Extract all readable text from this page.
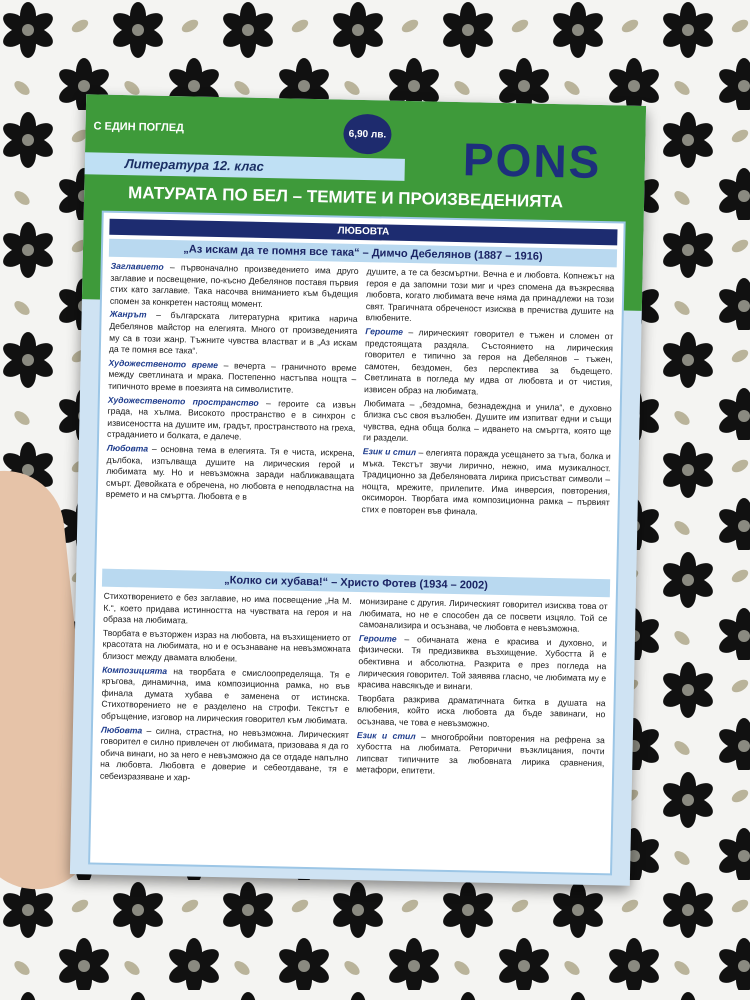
С ЕДИН ПОГЛЕД	6,90 лв. PONS
Литература 12. клас
МАТУРАТА ПО БЕЛ – ТЕМИТЕ И ПРОИЗВЕДЕНИЯТА
ЛЮБОВТА
„Аз искам да те помня все така“ – Димчо Дебелянов (1887 – 1916)

Заглавието – първоначално произведението има друго заглавие и посвещение, по-късно Дебелянов поставя първия стих като заглавие. Така насочва вниманието към бъдещия спомен за конкретен настоящ момент.

Жанрът – българската литературна критика нарича Дебелянов майстор на елегията. Много от произведенията му са в този жанр. Тъжните чувства властват и в „Аз искам да те помня все така“.

Художественото време – вечерта – граничното време между светлината и мрака. Постепенно настъпва нощта – типичното време в поезията на символистите.

Художественото пространство – героите са извън града, на хълма. Високото пространство е в синхрон с извисеността на душите им, градът, пространството на греха, страданието и болката, е далече.

Любовта – основна тема в елегията. Тя е чиста, искрена, дълбока, изпълваща душите на лирическия герой и любимата му. Но и невъзможна заради наближаващата смърт. Девойката е обречена, но любовта е неподвластна на времето и на смъртта. Любовта е в

душите, а те са безсмъртни. Вечна е и любовта. Копнежът на героя е да запомни този миг и чрез спомена да възкресява любовта, когато любимата вече няма да принадлежи на този свят. Трагичната обреченост изисква в пречиства душите на влюбените.

Героите – лирическият говорител е тъжен и сломен от предстоящата раздяла. Състоянието на лирическия говорител е типично за героя на Дебелянов – тъжен, самотен, бездомен, без перспектива за бъдещето. Светлината в погледа му идва от любовта и от чистия, извисен образ на любимата.

Любимата – „бездомна, безнадеждна и унила“, е духовно близка със своя възлюбен. Душите им изпитват едни и същи чувства, една обща болка – идването на смъртта, която ще ги раздели.

Език и стил – елегията поражда усещането за тъга, болка и мъка. Текстът звучи лирично, нежно, има музикалност. Традиционно за Дебеляновата лирика присъстват символи – нощта, мрежите, прилепите. Има инверсия, повторения, оксиморон. Творбата има композиционна рамка – първият стих е повторен във финала.

„Колко си хубава!“ – Христо Фотев (1934 – 2002)

Стихотворението е без заглавие, но има посвещение „На М. К.“, което придава истинността на чувствата на героя и на образа на любимата.

Творбата е възторжен израз на любовта, на възхищението от красотата на любимата, но и е осъзнаване на невъзможната близост между двамата влюбени.

Композицията на творбата е смислоопределяща. Тя е кръгова, динамична, има композиционна рамка, но във финала думата хубава е заменена от истинска. Стихотворението не е разделено на строфи. Текстът е обръщение, изговор на лирическия говорител към любимата.

Любовта – силна, страстна, но невъзможна. Лирическият говорител е силно привлечен от любимата, призовава я да го обича винаги, но за него е невъзможно да се отдаде напълно на любовта. Любовта е доверие и себеотдаване, тя е себеизразяване и хар-

монизиране с другия. Лирическият говорител изисква това от любимата, но не е способен да се посвети изцяло. Той се самоанализира и осъзнава, че любовта е невъзможна.

Героите – обичаната жена е красива и духовно, и физически. Тя предизвиква възхищение. Хубостта й е обективна и абсолютна. Разкрита е през погледа на лирическия говорител. Той заявява гласно, че любимата му е красива навсякъде и винаги.

Творбата разкрива драматичната битка в душата на влюбения, който иска любовта да бъде завинаги, но осъзнава, че това е невъзможно.

Език и стил – многобройни повторения на рефрена за хубостта на любимата. Реторични възклицания, почти липсват типичните за любовната лирика сравнения, метафори, епитети.
